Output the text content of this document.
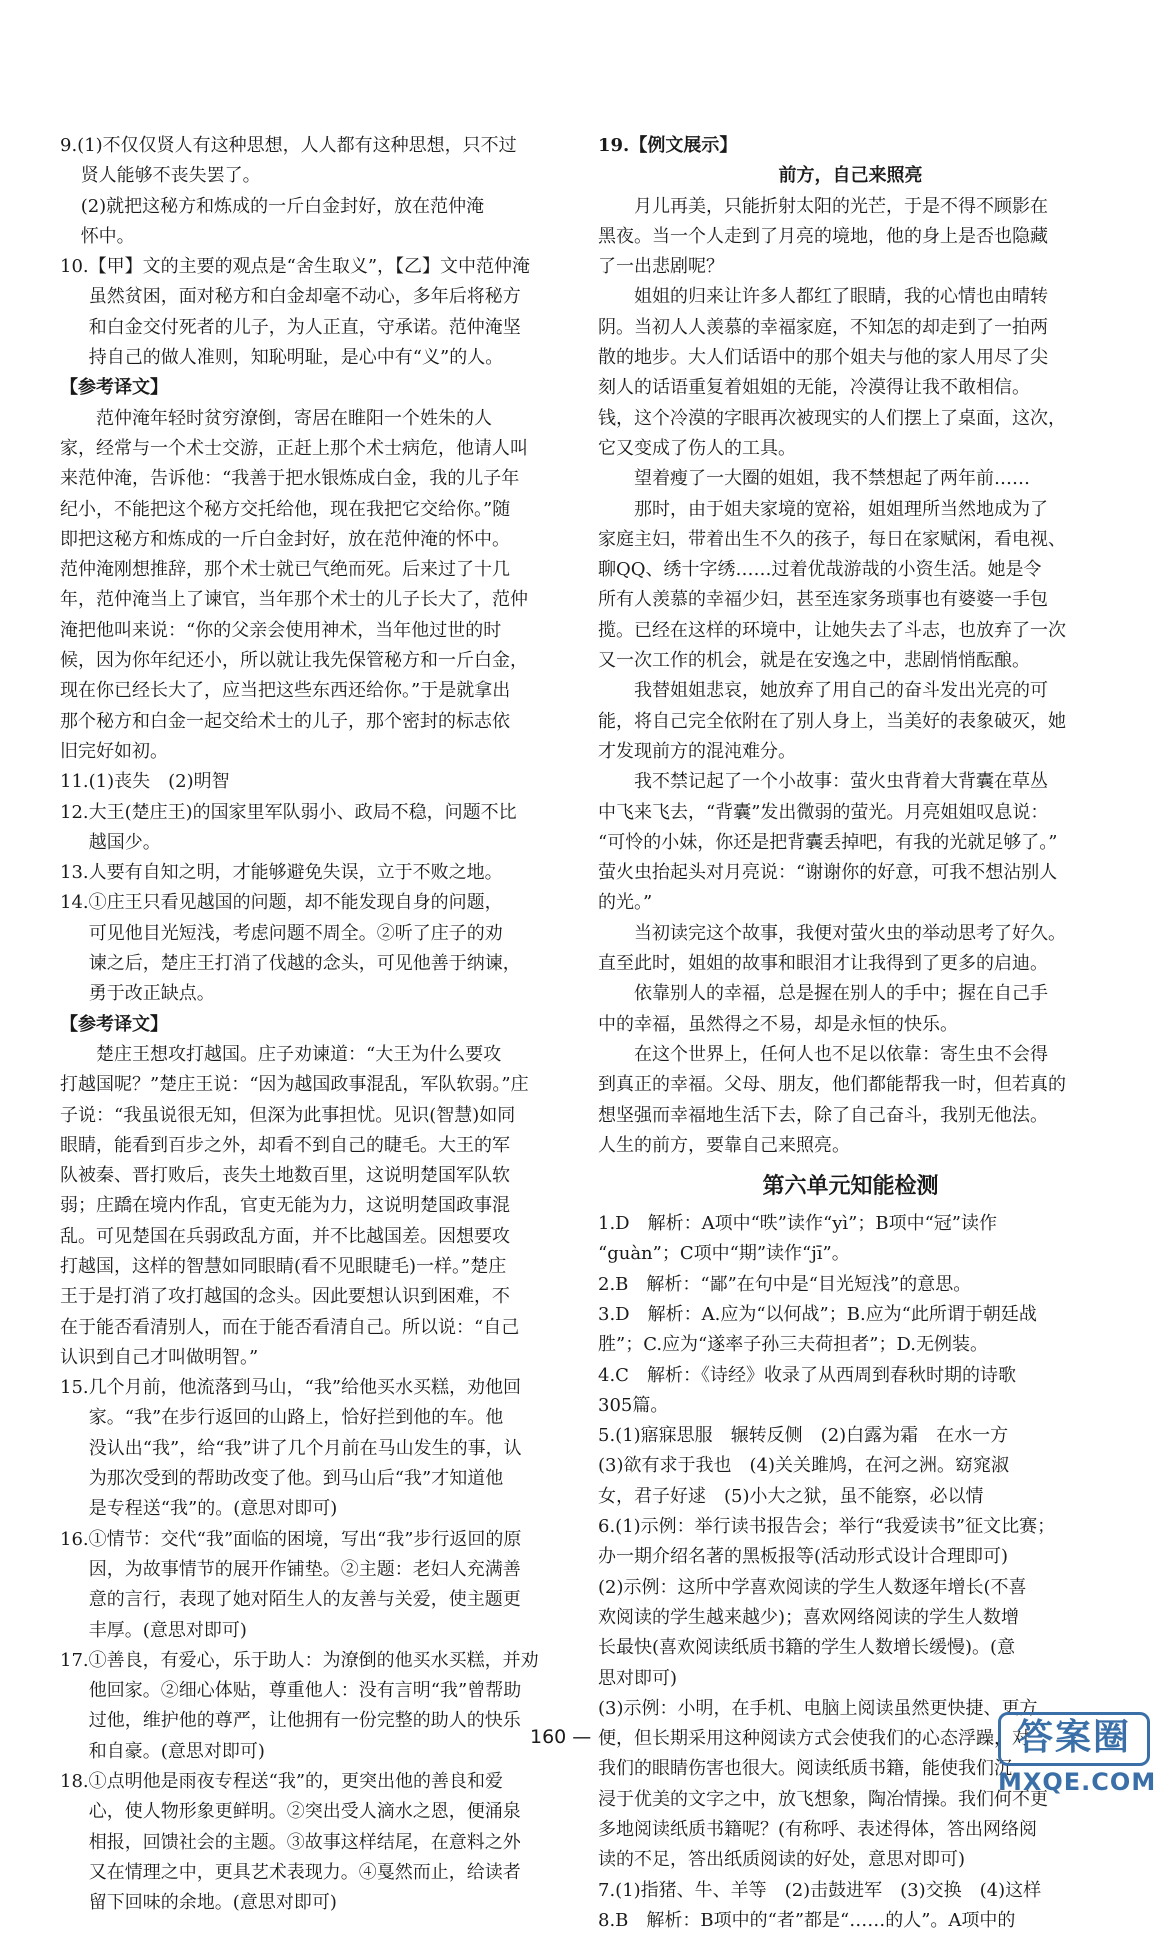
9.(1)不仅仅贤人有这种思想，人人都有这种思想，只不过

贤人能够不丧失罢了。

(2)就把这秘方和炼成的一斤白金封好，放在范仲淹

怀中。

10.【甲】文的主要的观点是“舍生取义”，【乙】文中范仲淹

虽然贫困，面对秘方和白金却毫不动心，多年后将秘方

和白金交付死者的儿子，为人正直，守承诺。范仲淹坚

持自己的做人准则，知恥明耻，是心中有“义”的人。

【参考译文】

范仲淹年轻时贫穷潦倒，寄居在睢阳一个姓朱的人

家，经常与一个术士交游，正赶上那个术士病危，他请人叫

来范仲淹，告诉他：“我善于把水银炼成白金，我的儿子年

纪小，不能把这个秘方交托给他，现在我把它交给你。”随

即把这秘方和炼成的一斤白金封好，放在范仲淹的怀中。

范仲淹刚想推辞，那个术士就已气绝而死。后来过了十几

年，范仲淹当上了谏官，当年那个术士的儿子长大了，范仲

淹把他叫来说：“你的父亲会使用神术，当年他过世的时

候，因为你年纪还小，所以就让我先保管秘方和一斤白金，

现在你已经长大了，应当把这些东西还给你。”于是就拿出

那个秘方和白金一起交给术士的儿子，那个密封的标志依

旧完好如初。

11.(1)丧失　(2)明智

12.大王(楚庄王)的国家里军队弱小、政局不稳，问题不比

越国少。

13.人要有自知之明，才能够避免失误，立于不败之地。

14.①庄王只看见越国的问题，却不能发现自身的问题，

可见他目光短浅，考虑问题不周全。②听了庄子的劝

谏之后，楚庄王打消了伐越的念头，可见他善于纳谏，

勇于改正缺点。

【参考译文】

楚庄王想攻打越国。庄子劝谏道：“大王为什么要攻

打越国呢？”楚庄王说：“因为越国政事混乱，军队软弱。”庄

子说：“我虽说很无知，但深为此事担忧。见识(智慧)如同

眼睛，能看到百步之外，却看不到自己的睫毛。大王的军

队被秦、晋打败后，丧失土地数百里，这说明楚国军队软

弱；庄蹻在境内作乱，官吏无能为力，这说明楚国政事混

乱。可见楚国在兵弱政乱方面，并不比越国差。因想要攻

打越国，这样的智慧如同眼睛(看不见眼睫毛)一样。”楚庄

王于是打消了攻打越国的念头。因此要想认识到困难，不

在于能否看清别人，而在于能否看清自己。所以说：“自己

认识到自己才叫做明智。”

15.几个月前，他流落到马山，“我”给他买水买糕，劝他回

家。“我”在步行返回的山路上，恰好拦到他的车。他

没认出“我”，给“我”讲了几个月前在马山发生的事，认

为那次受到的帮助改变了他。到马山后“我”才知道他

是专程送“我”的。(意思对即可)

16.①情节：交代“我”面临的困境，写出“我”步行返回的原

因，为故事情节的展开作铺垫。②主题：老妇人充满善

意的言行，表现了她对陌生人的友善与关爱，使主题更

丰厚。(意思对即可)

17.①善良，有爱心，乐于助人：为潦倒的他买水买糕，并劝

他回家。②细心体贴，尊重他人：没有言明“我”曾帮助

过他，维护他的尊严，让他拥有一份完整的助人的快乐

和自豪。(意思对即可)

18.①点明他是雨夜专程送“我”的，更突出他的善良和爱

心，使人物形象更鲜明。②突出受人滴水之恩，便涌泉

相报，回馈社会的主题。③故事这样结尾，在意料之外

又在情理之中，更具艺术表现力。④戛然而止，给读者

留下回味的余地。(意思对即可)

19.【例文展示】

前方，自己来照亮

月儿再美，只能折射太阳的光芒，于是不得不顾影在

黑夜。当一个人走到了月亮的境地，他的身上是否也隐藏

了一出悲剧呢？

姐姐的归来让许多人都红了眼睛，我的心情也由晴转

阴。当初人人羡慕的幸福家庭，不知怎的却走到了一拍两

散的地步。大人们话语中的那个姐夫与他的家人用尽了尖

刻人的话语重复着姐姐的无能，冷漠得让我不敢相信。

钱，这个冷漠的字眼再次被现实的人们摆上了桌面，这次，

它又变成了伤人的工具。

望着瘦了一大圈的姐姐，我不禁想起了两年前……

那时，由于姐夫家境的宽裕，姐姐理所当然地成为了

家庭主妇，带着出生不久的孩子，每日在家赋闲，看电视、

聊QQ、绣十字绣……过着优哉游哉的小资生活。她是令

所有人羡慕的幸福少妇，甚至连家务琐事也有婆婆一手包

揽。已经在这样的环境中，让她失去了斗志，也放弃了一次

又一次工作的机会，就是在安逸之中，悲剧悄悄酝酿。

我替姐姐悲哀，她放弃了用自己的奋斗发出光亮的可

能，将自己完全依附在了别人身上，当美好的表象破灭，她

才发现前方的混沌难分。

我不禁记起了一个小故事：萤火虫背着大背囊在草丛

中飞来飞去，“背囊”发出微弱的萤光。月亮姐姐叹息说：

“可怜的小妹，你还是把背囊丢掉吧，有我的光就足够了。”

萤火虫抬起头对月亮说：“谢谢你的好意，可我不想沾别人

的光。”

当初读完这个故事，我便对萤火虫的举动思考了好久。

直至此时，姐姐的故事和眼泪才让我得到了更多的启迪。

依靠别人的幸福，总是握在别人的手中；握在自己手

中的幸福，虽然得之不易，却是永恒的快乐。

在这个世界上，任何人也不足以依靠：寄生虫不会得

到真正的幸福。父母、朋友，他们都能帮我一时，但若真的

想坚强而幸福地生活下去，除了自己奋斗，我别无他法。

人生的前方，要靠自己来照亮。

第六单元知能检测

1.D　解析：A项中“昳”读作“yì”；B项中“冠”读作

“guàn”；C项中“期”读作“jī”。

2.B　解析：“鄙”在句中是“目光短浅”的意思。

3.D　解析：A.应为“以何战”；B.应为“此所谓于朝廷战

胜”；C.应为“遂率子孙三夫荷担者”；D.无例装。

4.C　解析：《诗经》收录了从西周到春秋时期的诗歌

305篇。

5.(1)寤寐思服　辗转反侧　(2)白露为霜　在水一方

(3)欲有求于我也　(4)关关雎鸠，在河之洲。窈窕淑

女，君子好逑　(5)小大之狱，虽不能察，必以情

6.(1)示例：举行读书报告会；举行“我爱读书”征文比赛；

办一期介绍名著的黑板报等(活动形式设计合理即可)

(2)示例：这所中学喜欢阅读的学生人数逐年增长(不喜

欢阅读的学生越来越少)；喜欢网络阅读的学生人数增

长最快(喜欢阅读纸质书籍的学生人数增长缓慢)。(意

思对即可)

(3)示例：小明，在手机、电脑上阅读虽然更快捷、更方

便，但长期采用这种阅读方式会使我们的心态浮躁，对

我们的眼睛伤害也很大。阅读纸质书籍，能使我们沉

浸于优美的文字之中，放飞想象，陶冶情操。我们何不更

多地阅读纸质书籍呢？(有称呼、表述得体，答出网络阅

读的不足，答出纸质阅读的好处，意思对即可)

7.(1)指猪、牛、羊等　(2)击鼓进军　(3)交换　(4)这样

8.B　解析：B项中的“者”都是“……的人”。A项中的

160 —	答案圈
MXQE.COM
